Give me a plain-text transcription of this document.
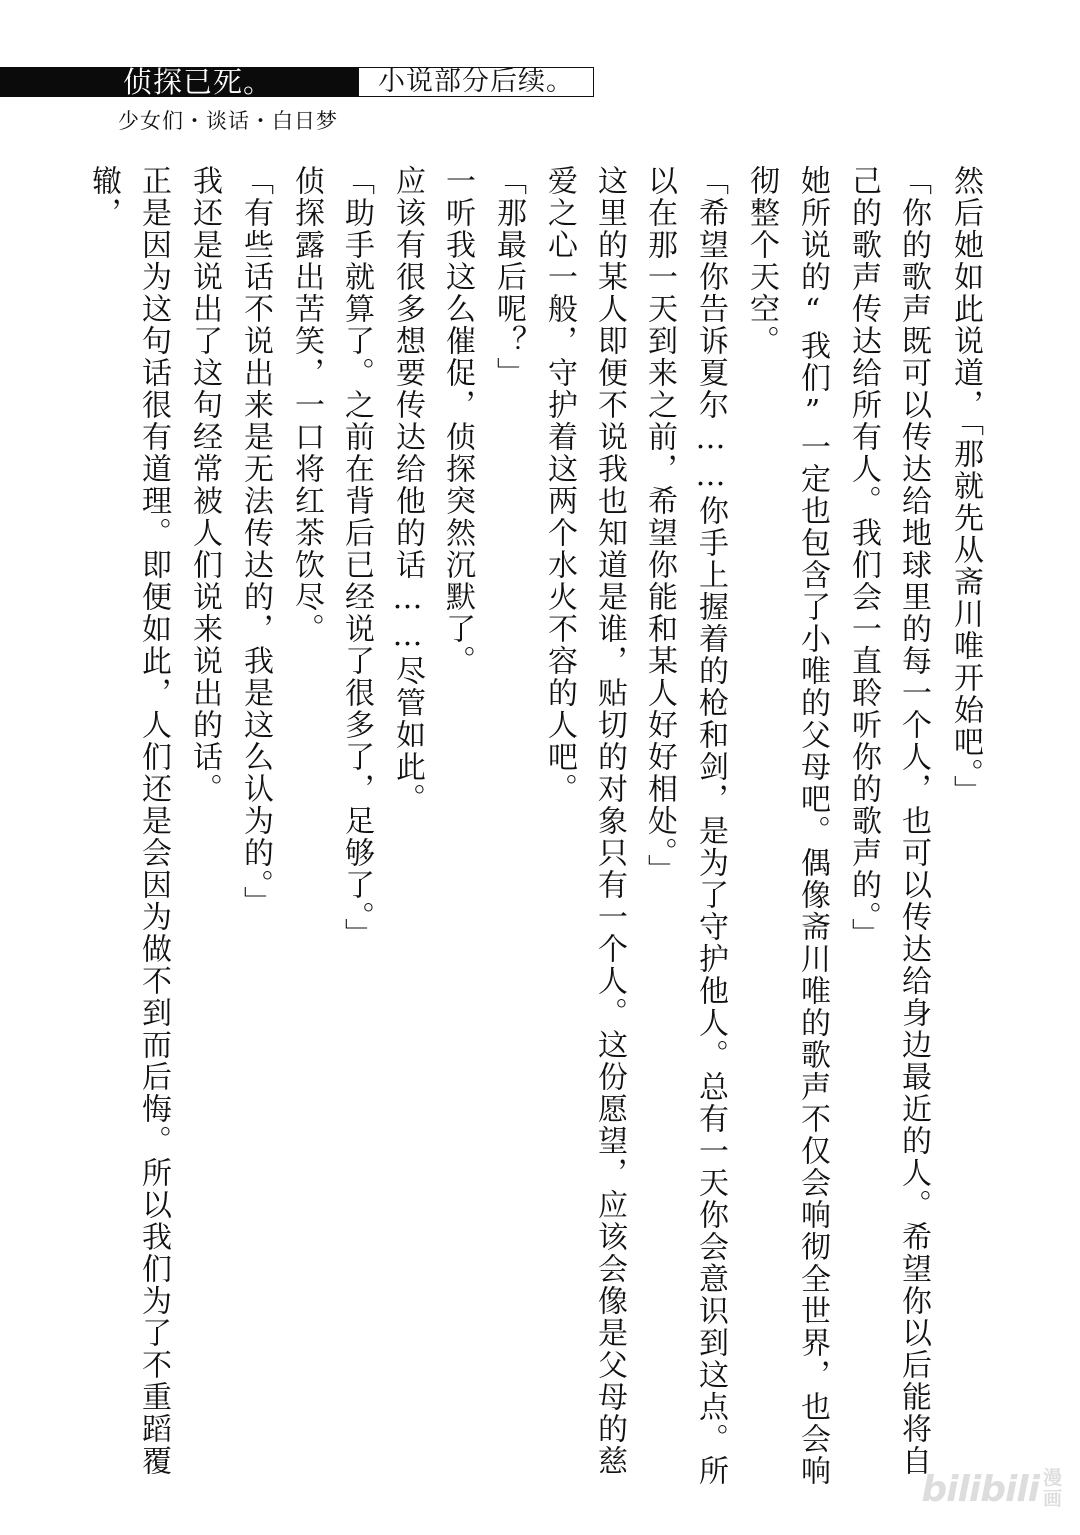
侦探已死。	小说部分后续。
少女们・谈话・白日梦
然后她如此说道，「那就先从斋川唯开始吧。」
「你的歌声既可以传达给地球里的每一个人，也可以传达给身边最近的人。希望你以后能将自
己的歌声传达给所有人。我们会一直聆听你的歌声的。」
她所说的“我们”一定也包含了小唯的父母吧。偶像斋川唯的歌声不仅会响彻全世界，也会响
彻整个天空。
「希望你告诉夏尔……你手上握着的枪和剑，是为了守护他人。总有一天你会意识到这点。所
以在那一天到来之前，希望你能和某人好好相处。」
这里的某人即便不说我也知道是谁，贴切的对象只有一个人。这份愿望，应该会像是父母的慈
爱之心一般，守护着这两个水火不容的人吧。
「那最后呢？」
一听我这么催促，侦探突然沉默了。
应该有很多想要传达给他的话……尽管如此。
「助手就算了。之前在背后已经说了很多了，足够了。」
侦探露出苦笑，一口将红茶饮尽。
「有些话不说出来是无法传达的，我是这么认为的。」
我还是说出了这句经常被人们说来说出的话。
正是因为这句话很有道理。即便如此，人们还是会因为做不到而后悔。所以我们为了不重蹈覆
辙，
bilibili 漫
画
